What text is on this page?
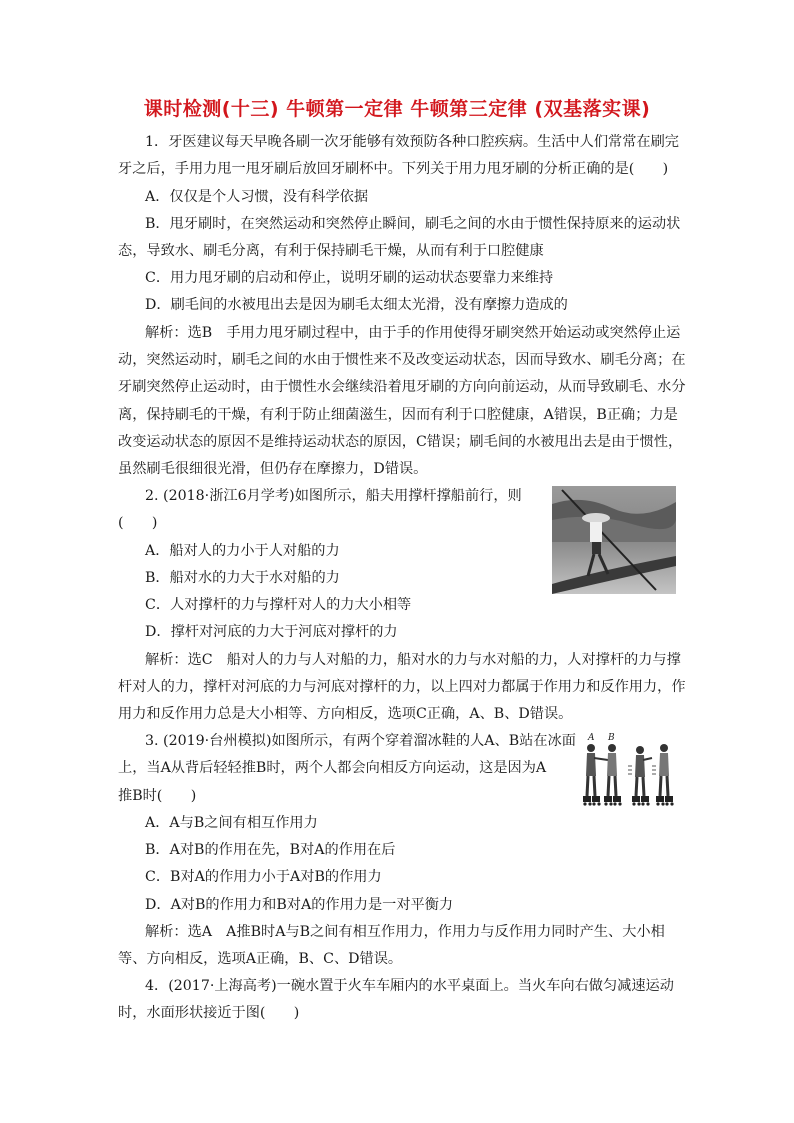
课时检测(十三) 牛顿第一定律 牛顿第三定律 (双基落实课)
1．牙医建议每天早晚各刷一次牙能够有效预防各种口腔疾病。生活中人们常常在刷完
牙之后，手用力甩一甩牙刷后放回牙刷杯中。下列关于用力甩牙刷的分析正确的是(　　)
A．仅仅是个人习惯，没有科学依据
B．甩牙刷时，在突然运动和突然停止瞬间，刷毛之间的水由于惯性保持原来的运动状
态，导致水、刷毛分离，有利于保持刷毛干燥，从而有利于口腔健康
C．用力甩牙刷的启动和停止，说明牙刷的运动状态要靠力来维持
D．刷毛间的水被甩出去是因为刷毛太细太光滑，没有摩擦力造成的
解析：选B　手用力甩牙刷过程中，由于手的作用使得牙刷突然开始运动或突然停止运
动，突然运动时，刷毛之间的水由于惯性来不及改变运动状态，因而导致水、刷毛分离；在
牙刷突然停止运动时，由于惯性水会继续沿着甩牙刷的方向向前运动，从而导致刷毛、水分
离，保持刷毛的干燥，有利于防止细菌滋生，因而有利于口腔健康，A错误，B正确；力是
改变运动状态的原因不是维持运动状态的原因，C错误；刷毛间的水被甩出去是由于惯性，
虽然刷毛很细很光滑，但仍存在摩擦力，D错误。
2. (2018·浙江6月学考)如图所示，船夫用撑杆撑船前行，则
(　　)
A．船对人的力小于人对船的力
B．船对水的力大于水对船的力
C．人对撑杆的力与撑杆对人的力大小相等
D．撑杆对河底的力大于河底对撑杆的力
解析：选C　船对人的力与人对船的力，船对水的力与水对船的力，人对撑杆的力与撑
杆对人的力，撑杆对河底的力与河底对撑杆的力，以上四对力都属于作用力和反作用力，作
用力和反作用力总是大小相等、方向相反，选项C正确，A、B、D错误。
3. (2019·台州模拟)如图所示，有两个穿着溜冰鞋的人A、B站在冰面
上，当A从背后轻轻推B时，两个人都会向相反方向运动，这是因为A
推B时(　　)
A B
A．A与B之间有相互作用力
B．A对B的作用在先，B对A的作用在后
C．B对A的作用力小于A对B的作用力
D．A对B的作用力和B对A的作用力是一对平衡力
解析：选A　A推B时A与B之间有相互作用力，作用力与反作用力同时产生、大小相
等、方向相反，选项A正确，B、C、D错误。
4．(2017·上海高考)一碗水置于火车车厢内的水平桌面上。当火车向右做匀减速运动
时，水面形状接近于图(　　)
